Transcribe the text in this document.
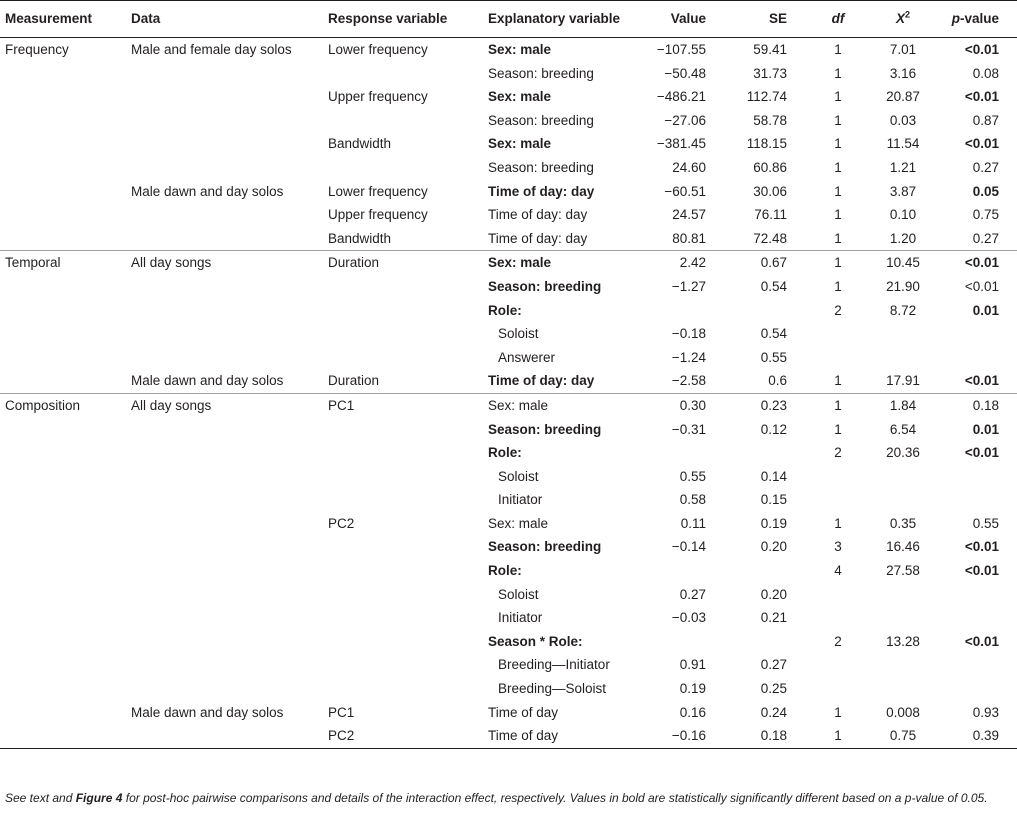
Measurement	Data	Response variable	Explanatory variable	Value	SE	df	$X^2$	p-value
Frequency	Male and female day solos	Lower frequency	Sex: male	−107.55	59.41	1	7.01	<0.01
			Season: breeding	−50.48	31.73	1	3.16	0.08
		Upper frequency	Sex: male	−486.21	112.74	1	20.87	<0.01
			Season: breeding	−27.06	58.78	1	0.03	0.87
		Bandwidth	Sex: male	−381.45	118.15	1	11.54	<0.01
			Season: breeding	24.60	60.86	1	1.21	0.27
	Male dawn and day solos	Lower frequency	Time of day: day	−60.51	30.06	1	3.87	0.05
		Upper frequency	Time of day: day	24.57	76.11	1	0.10	0.75
		Bandwidth	Time of day: day	80.81	72.48	1	1.20	0.27
Temporal	All day songs	Duration	Sex: male	2.42	0.67	1	10.45	<0.01
			Season: breeding	−1.27	0.54	1	21.90	<0.01
			Role:			2	8.72	0.01
			Soloist	−0.18	0.54			
			Answerer	−1.24	0.55			
	Male dawn and day solos	Duration	Time of day: day	−2.58	0.6	1	17.91	<0.01
Composition	All day songs	PC1	Sex: male	0.30	0.23	1	1.84	0.18
			Season: breeding	−0.31	0.12	1	6.54	0.01
			Role:			2	20.36	<0.01
			Soloist	0.55	0.14			
			Initiator	0.58	0.15			
		PC2	Sex: male	0.11	0.19	1	0.35	0.55
			Season: breeding	−0.14	0.20	3	16.46	<0.01
			Role:			4	27.58	<0.01
			Soloist	0.27	0.20			
			Initiator	−0.03	0.21			
			Season * Role:			2	13.28	<0.01
			Breeding—Initiator	0.91	0.27			
			Breeding—Soloist	0.19	0.25			
	Male dawn and day solos	PC1	Time of day	0.16	0.24	1	0.008	0.93
		PC2	Time of day	−0.16	0.18	1	0.75	0.39
See text and Figure 4 for post-hoc pairwise comparisons and details of the interaction effect, respectively. Values in bold are statistically significantly different based on a p-value of 0.05.
